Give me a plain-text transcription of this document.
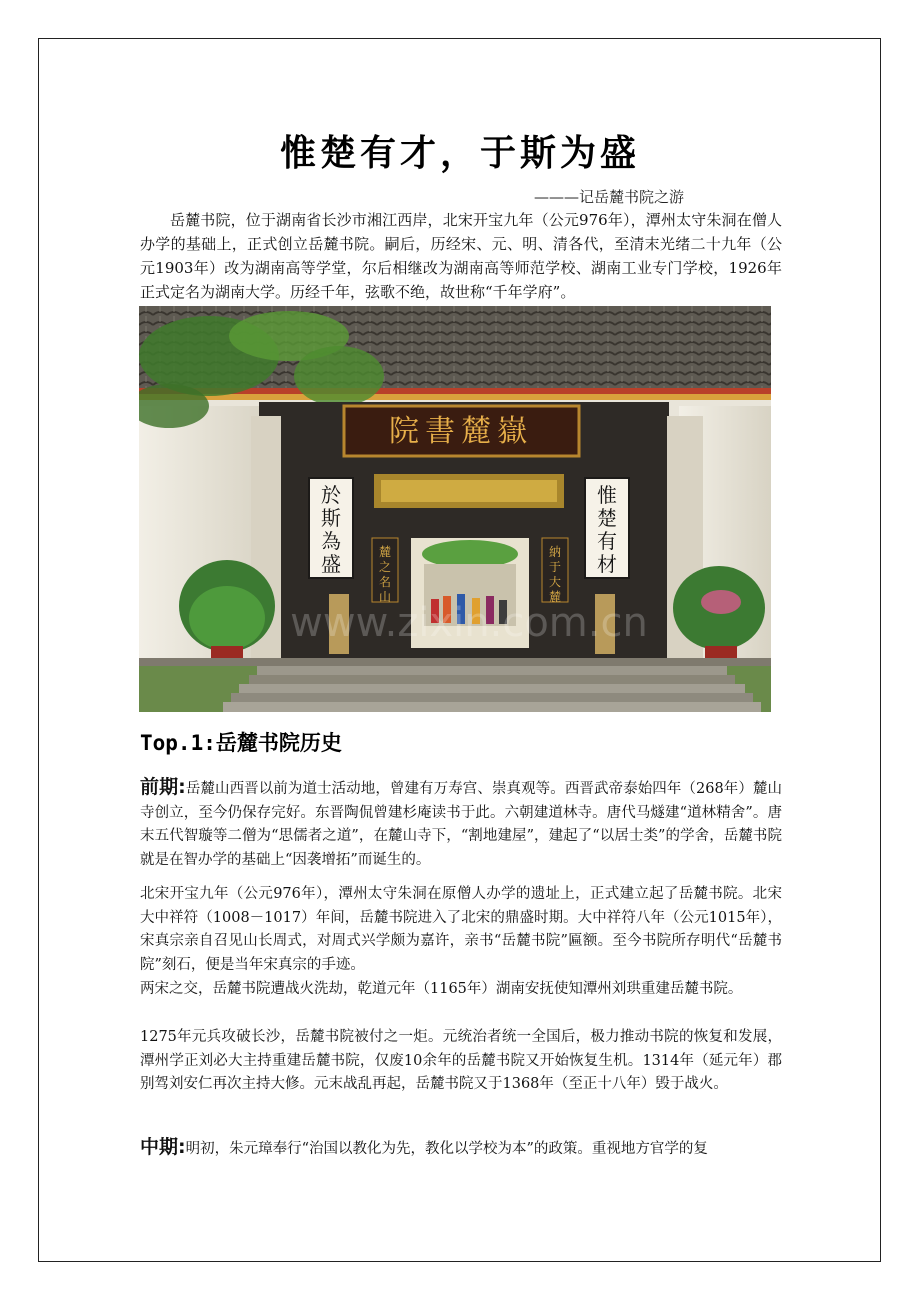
惟楚有才，于斯为盛
———记岳麓书院之游

岳麓书院，位于湖南省长沙市湘江西岸，北宋开宝九年（公元976年），潭州太守朱洞在僧人办学的基础上，正式创立岳麓书院。嗣后，历经宋、元、明、清各代，至清末光绪二十九年（公元1903年）改为湖南高等学堂，尔后相继改为湖南高等师范学校、湖南工业专门学校，1926年正式定名为湖南大学。历经千年，弦歌不绝，故世称“千年学府”。

院書麓嶽
www.zixin.com.cn
於斯為盛
惟楚有材
麓之名山
納于大麓
Top.1:岳麓书院历史

前期:岳麓山西晋以前为道士活动地，曾建有万寿宫、崇真观等。西晋武帝泰始四年（268年）麓山寺创立，至今仍保存完好。东晋陶侃曾建杉庵读书于此。六朝建道林寺。唐代马燧建“道林精舍”。唐末五代智璇等二僧为“思儒者之道”，在麓山寺下，“割地建屋”，建起了“以居士类”的学舍，岳麓书院就是在智办学的基础上“因袭增拓”而诞生的。

北宋开宝九年（公元976年），潭州太守朱洞在原僧人办学的遗址上，正式建立起了岳麓书院。北宋大中祥符（1008－1017）年间，岳麓书院进入了北宋的鼎盛时期。大中祥符八年（公元1015年），宋真宗亲自召见山长周式，对周式兴学颇为嘉许，亲书“岳麓书院”匾额。至今书院所存明代“岳麓书院”刻石，便是当年宋真宗的手迹。

两宋之交，岳麓书院遭战火洗劫，乾道元年（1165年）湖南安抚使知潭州刘珙重建岳麓书院。

1275年元兵攻破长沙，岳麓书院被付之一炬。元统治者统一全国后，极力推动书院的恢复和发展，潭州学正刘必大主持重建岳麓书院，仅废10余年的岳麓书院又开始恢复生机。1314年（延元年）郡别驾刘安仁再次主持大修。元末战乱再起，岳麓书院又于1368年（至正十八年）毁于战火。

中期:明初，朱元璋奉行“治国以教化为先，教化以学校为本”的政策。重视地方官学的复
